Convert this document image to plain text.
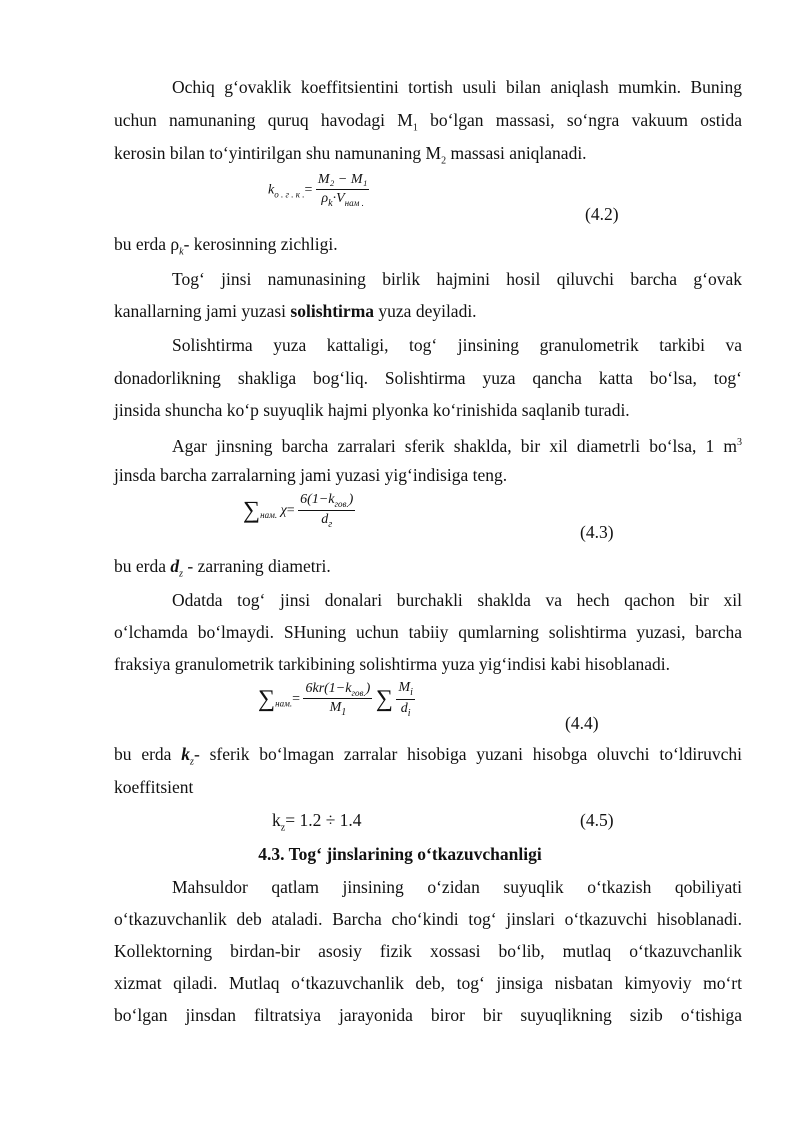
Ochiq g‘ovaklik koeffitsientini tortish usuli bilan aniqlash mumkin. Buning
uchun namunaning quruq havodagi $M_1$ bo‘lgan massasi, so‘ngra vakuum ostida
kerosin bilan to‘yintirilgan shu namunaning $M_2$ massasi aniqlanadi.
$k_{o . г . к .}= \frac{\text{M₂ − M₁}}{\rho_k\cdot V_{нам .}}$
(4.2)
bu erda $\rho_k-$ kerosinning zichligi.
Tog‘ jinsi namunasining birlik hajmini hosil qiluvchi barcha g‘ovak
kanallarning jami yuzasi solishtirma yuza deyiladi.
Solishtirma yuza kattaligi, tog‘ jinsining granulometrik tarkibi va
donadorlikning shakliga bog‘liq. Solishtirma yuza qancha katta bo‘lsa, tog‘
jinsida shuncha ko‘p suyuqlik hajmi plyonka ko‘rinishida saqlanib turadi.
Agar jinsning barcha zarralari sferik shaklda, bir xil diametrli bo‘lsa, 1 $m^3$
jinsda barcha zarralarning jami yuzasi yig‘indisiga teng.
$\sum_{нам.}$ $\chi= \frac{6(1-k_{гов.})}{d_г}$
(4.3)
bu erda $d_z$ - zarraning diametri.
Odatda tog‘ jinsi donalari burchakli shaklda va hech qachon bir xil
o‘lchamda bo‘lmaydi. SHuning uchun tabiiy qumlarning solishtirma yuzasi, barcha
fraksiya granulometrik tarkibining solishtirma yuza yig‘indisi kabi hisoblanadi.
$\sum_{нам.}= \frac{6kr(1-k_{гов.})}{M_1}$ ∑ $\frac{M_i}{d_i}$
(4.4)
bu erda $k_z-$ sferik bo‘lmagan zarralar hisobiga yuzani hisobga oluvchi to‘ldiruvchi
koeffitsient
$k_z= 1.2 \div 1.4$	(4.5)
4.3. Tog‘ jinslarining o‘tkazuvchanligi
Mahsuldor qatlam jinsining o‘zidan suyuqlik o‘tkazish qobiliyati
o‘tkazuvchanlik deb ataladi. Barcha cho‘kindi tog‘ jinslari o‘tkazuvchi hisoblanadi.
Kollektorning birdan-bir asosiy fizik xossasi bo‘lib, mutlaq o‘tkazuvchanlik
xizmat qiladi. Mutlaq o‘tkazuvchanlik deb, tog‘ jinsiga nisbatan kimyoviy mo‘rt
bo‘lgan jinsdan filtratsiya jarayonida biror bir suyuqlikning sizib o‘tishiga
